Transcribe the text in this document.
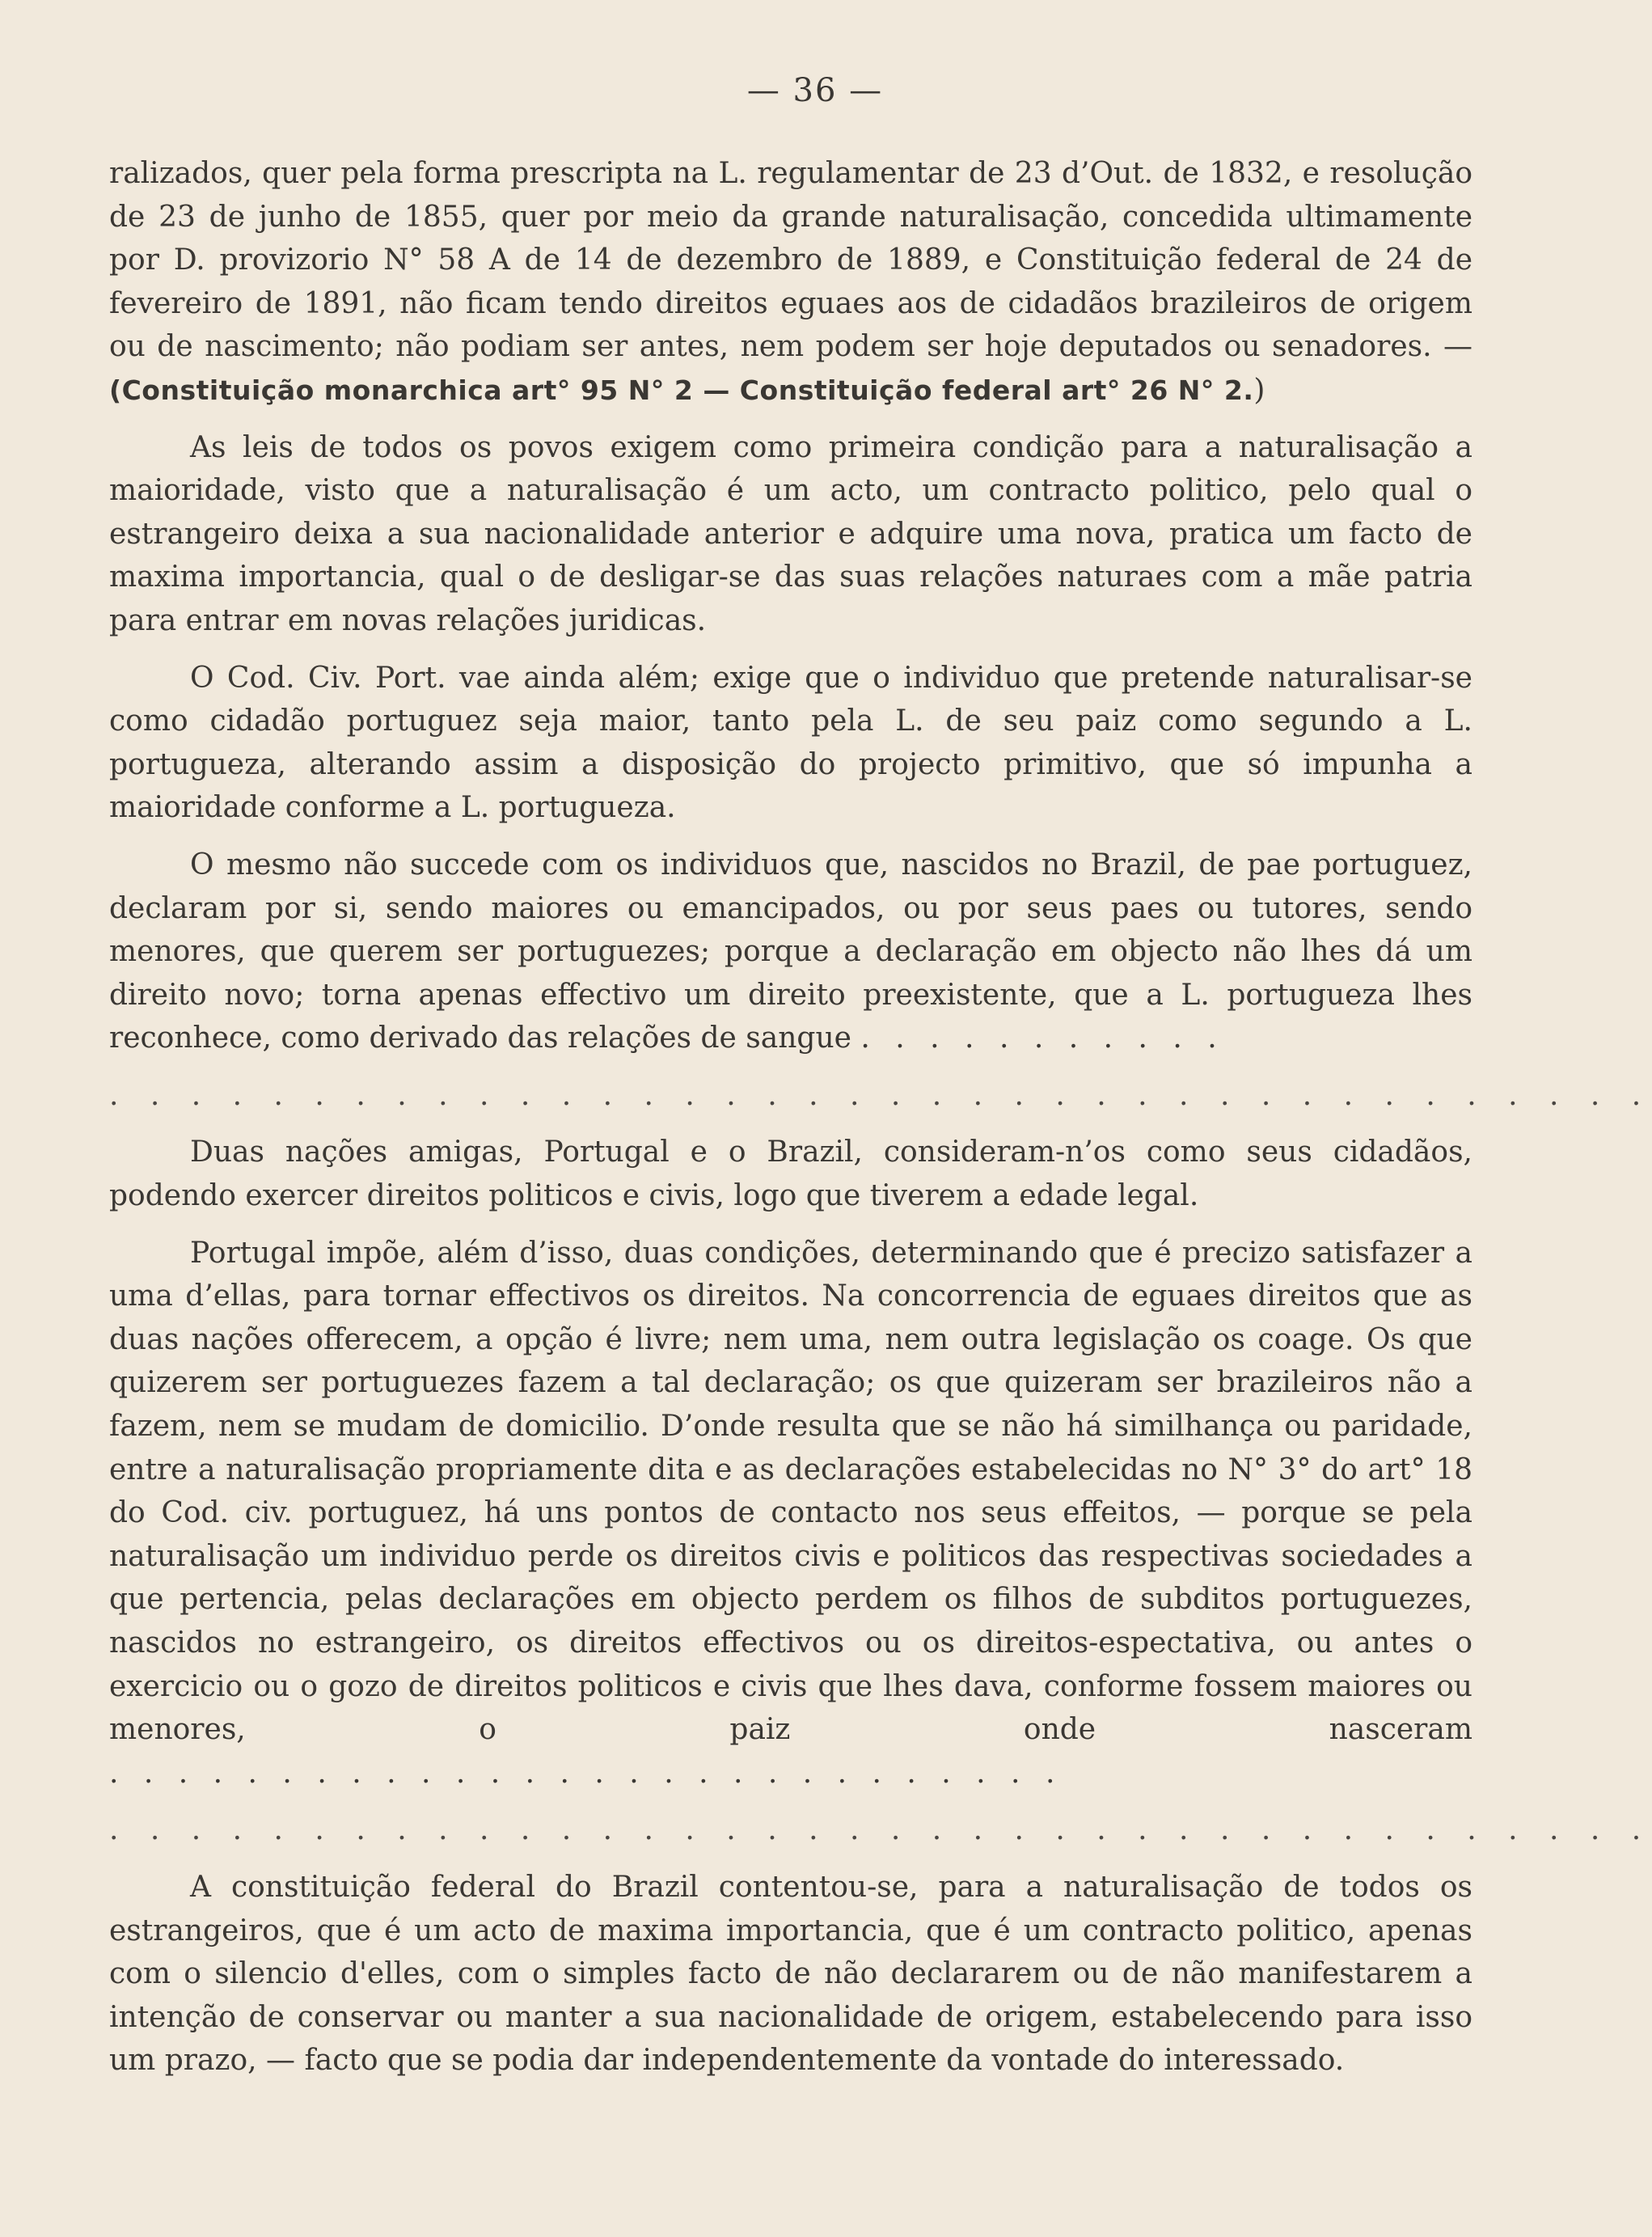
— 36 —

ralizados, quer pela forma prescripta na L. regulamentar de 23 d’Out. de 1832, e resolução de 23 de junho de 1855, quer por meio da grande naturalisação, concedida ultimamente por D. provizorio N° 58 A de 14 de dezembro de 1889, e Constituição federal de 24 de fevereiro de 1891, não ficam tendo direitos eguaes aos de cidadãos brazileiros de origem ou de nascimento; não podiam ser antes, nem podem ser hoje deputados ou senadores. — (Constituição monarchica art° 95 N° 2 — Constituição federal art° 26 N° 2.)

As leis de todos os povos exigem como primeira condição para a naturalisação a maioridade, visto que a naturalisação é um acto, um contracto politico, pelo qual o estrangeiro deixa a sua nacionalidade anterior e adquire uma nova, pratica um facto de maxima importancia, qual o de desligar-se das suas relações naturaes com a mãe patria para entrar em novas relações juridicas.

O Cod. Civ. Port. vae ainda além; exige que o individuo que pretende naturalisar-se como cidadão portuguez seja maior, tanto pela L. de seu paiz como segundo a L. portugueza, alterando assim a disposição do projecto primitivo, que só impunha a maioridade conforme a L. portugueza.

O mesmo não succede com os individuos que, nascidos no Brazil, de pae portuguez, declaram por si, sendo maiores ou emancipados, ou por seus paes ou tutores, sendo menores, que querem ser portuguezes; porque a declaração em objecto não lhes dá um direito novo; torna apenas effectivo um direito preexistente, que a L. portugueza lhes reconhece, como derivado das relações de sangue . . . . . . . . . . .

. . . . . . . . . . . . . . . . . . . . . . . . . . . . . . . . . . . . . .

Duas nações amigas, Portugal e o Brazil, consideram-n’os como seus cidadãos, podendo exercer direitos politicos e civis, logo que tiverem a edade legal.

Portugal impõe, além d’isso, duas condições, determinando que é precizo satisfazer a uma d’ellas, para tornar effectivos os direitos. Na concorrencia de eguaes direitos que as duas nações offerecem, a opção é livre; nem uma, nem outra legislação os coage. Os que quizerem ser portuguezes fazem a tal declaração; os que quizeram ser brazileiros não a fazem, nem se mudam de domicilio. D’onde resulta que se não há similhança ou paridade, entre a naturalisação propriamente dita e as declarações estabelecidas no N° 3° do art° 18 do Cod. civ. portuguez, há uns pontos de contacto nos seus effeitos, — porque se pela naturalisação um individuo perde os direitos civis e politicos das respectivas sociedades a que pertencia, pelas declarações em objecto perdem os filhos de subditos portuguezes, nascidos no estrangeiro, os direitos effectivos ou os direitos-espectativa, ou antes o exercicio ou o gozo de direitos politicos e civis que lhes dava, conforme fossem maiores ou menores, o paiz onde nasceram . . . . . . . . . . . . . . . . . . . . . . . . . . . .

. . . . . . . . . . . . . . . . . . . . . . . . . . . . . . . . . . . . . .

A constituição federal do Brazil contentou-se, para a naturalisação de todos os estrangeiros, que é um acto de maxima importancia, que é um contracto politico, apenas com o silencio d'elles, com o simples facto de não declararem ou de não manifestarem a intenção de conservar ou manter a sua nacionalidade de origem, estabelecendo para isso um prazo, — facto que se podia dar independentemente da vontade do interessado.
